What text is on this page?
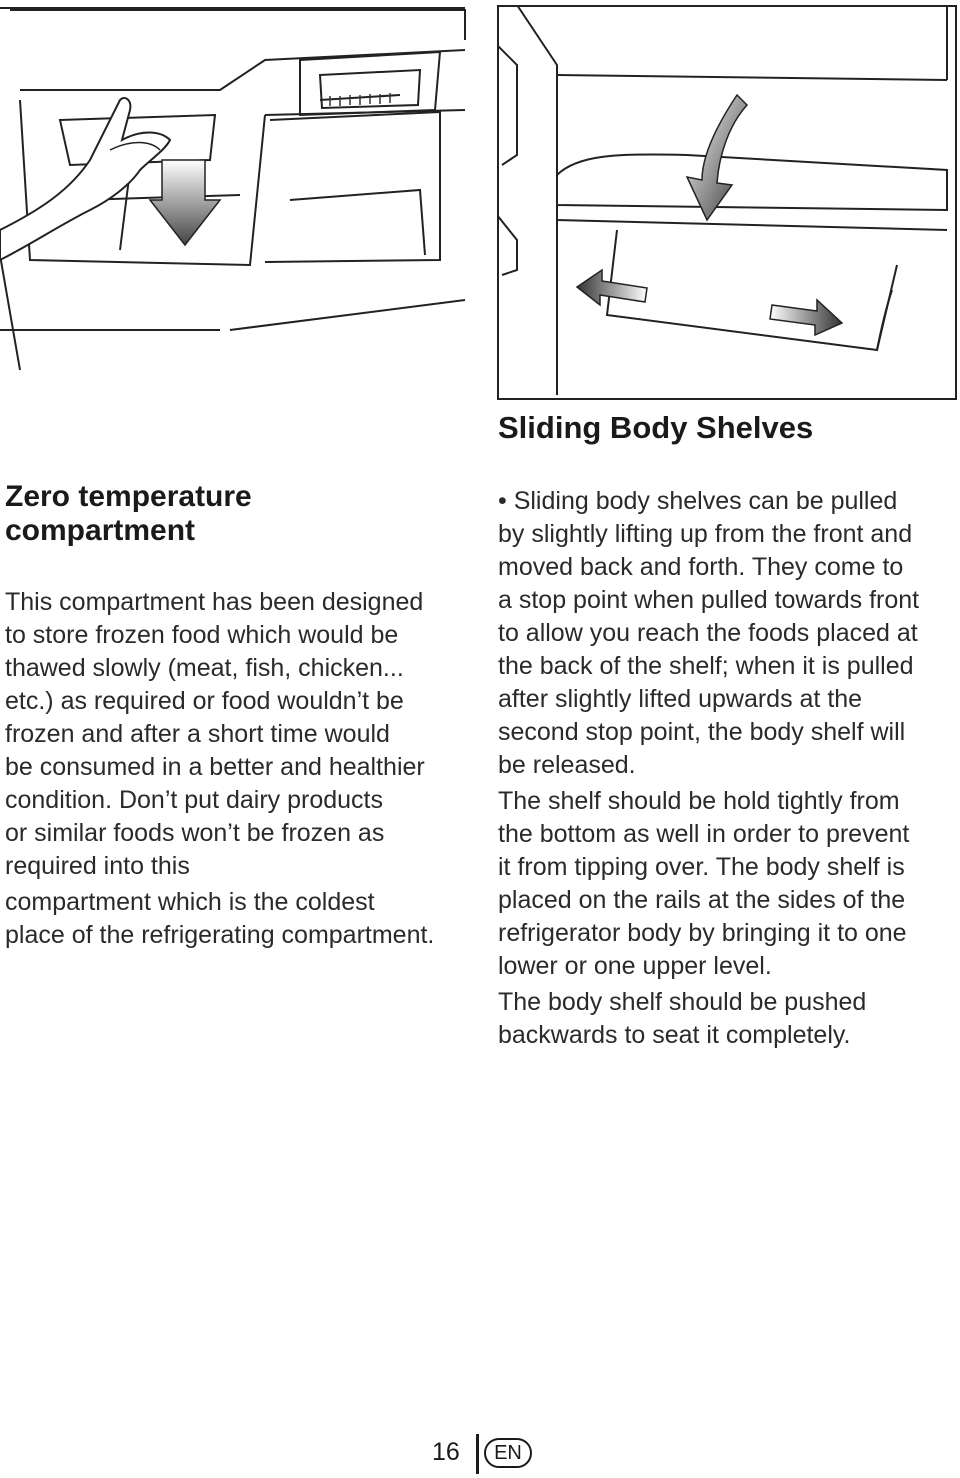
Sliding Body Shelves
Zero temperature
compartment
This compartment has been designed
to store frozen food which would be
thawed slowly (meat, fish, chicken...
etc.) as required or food wouldn’t be
frozen and after a short time would
be consumed in a better and healthier
condition. Don’t put dairy products
or similar foods won’t be frozen as
required into this
compartment which is the coldest
place of the refrigerating compartment.

• Sliding body shelves can be pulled
by slightly lifting up from the front and
moved back and forth. They come to
a stop point when pulled towards front
to allow you reach the foods placed at
the back of the shelf; when it is pulled
after slightly lifted upwards at the
second stop point, the body shelf will
be released.

The shelf should be hold tightly from
the bottom as well in order to prevent
it from tipping over. The body shelf is
placed on the rails at the sides of the
refrigerator body by bringing it to one
lower or one upper level.

The body shelf should be pushed
backwards to seat it completely.

16	EN
